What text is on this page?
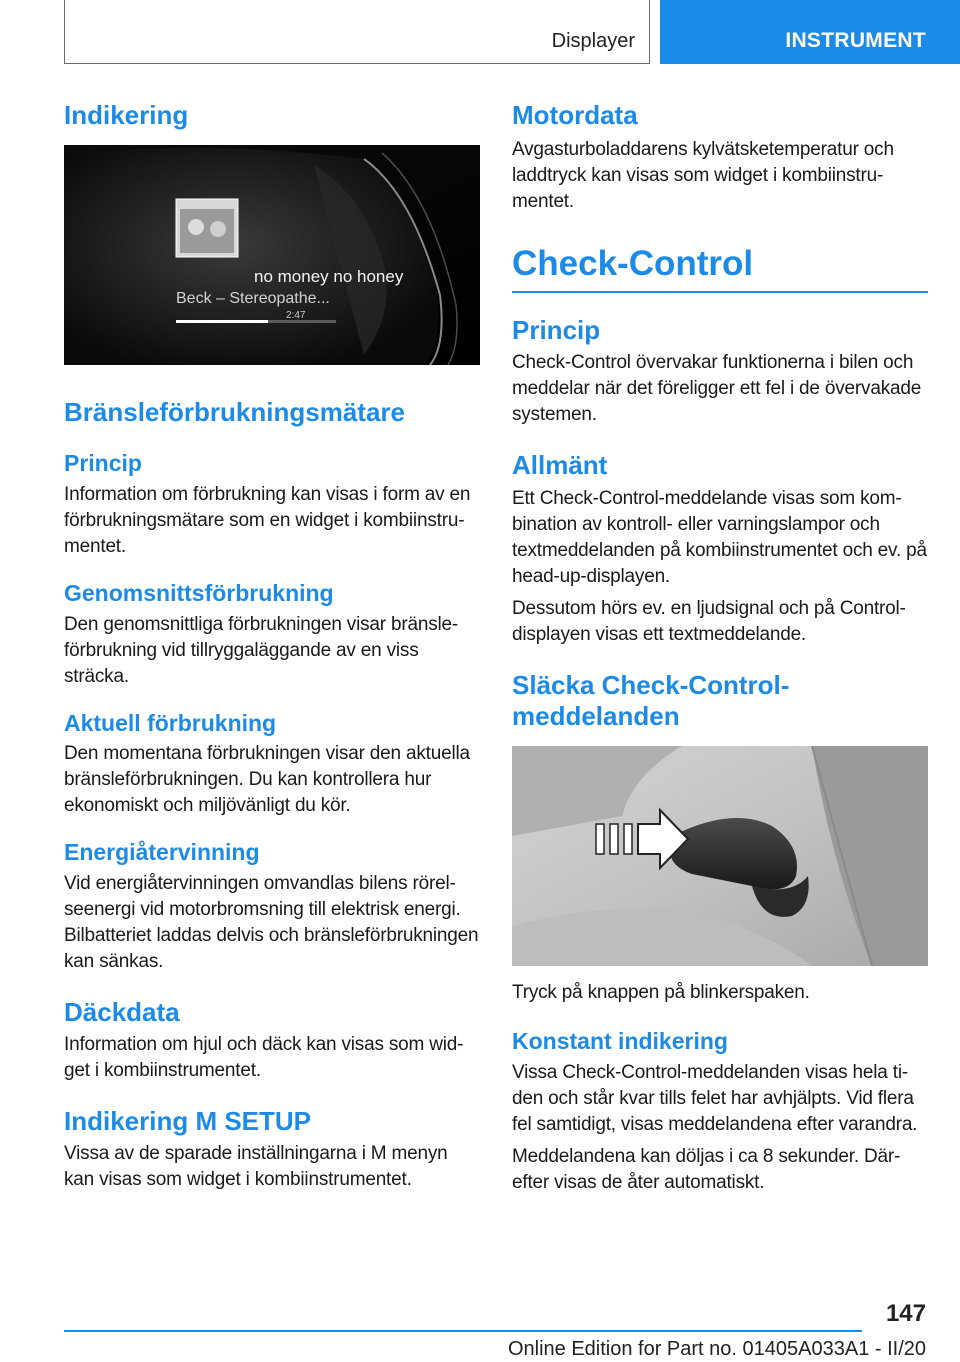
Displayer	INSTRUMENT
Indikering
no money no honey
Beck – Stereopathe...
2:47
Bränsleförbrukningsmätare
Princip

Information om förbrukning kan visas i form av en förbrukningsmätare som en widget i kombiinstrumentet.

Genomsnittsförbrukning

Den genomsnittliga förbrukningen visar bränsleförbrukning vid tillryggaläggande av en viss sträcka.

Aktuell förbrukning

Den momentana förbrukningen visar den aktuella bränsleförbrukningen. Du kan kontrollera hur ekonomiskt och miljövänligt du kör.

Energiåtervinning

Vid energiåtervinningen omvandlas bilens rörelseenergi vid motorbromsning till elektrisk energi. Bilbatteriet laddas delvis och bränsleförbrukningen kan sänkas.

Däckdata

Information om hjul och däck kan visas som widget i kombiinstrumentet.

Indikering M SETUP

Vissa av de sparade inställningarna i M menyn kan visas som widget i kombiinstrumentet.

Motordata

Avgasturboladdarens kylvätsketemperatur och laddtryck kan visas som widget i kombiinstrumentet.

Check-Control
Princip

Check-Control övervakar funktionerna i bilen och meddelar när det föreligger ett fel i de övervakade systemen.

Allmänt

Ett Check-Control-meddelande visas som kombination av kontroll- eller varningslampor och textmeddelanden på kombiinstrumentet och ev. på head-up-displayen.

Dessutom hörs ev. en ljudsignal och på Control-displayen visas ett textmeddelande.

Släcka Check-Control-meddelanden

Tryck på knappen på blinkerspaken.

Konstant indikering

Vissa Check-Control-meddelanden visas hela tiden och står kvar tills felet har avhjälpts. Vid flera fel samtidigt, visas meddelandena efter varandra.

Meddelandena kan döljas i ca 8 sekunder. Därefter visas de åter automatiskt.

147
Online Edition for Part no. 01405A033A1 - II/20
